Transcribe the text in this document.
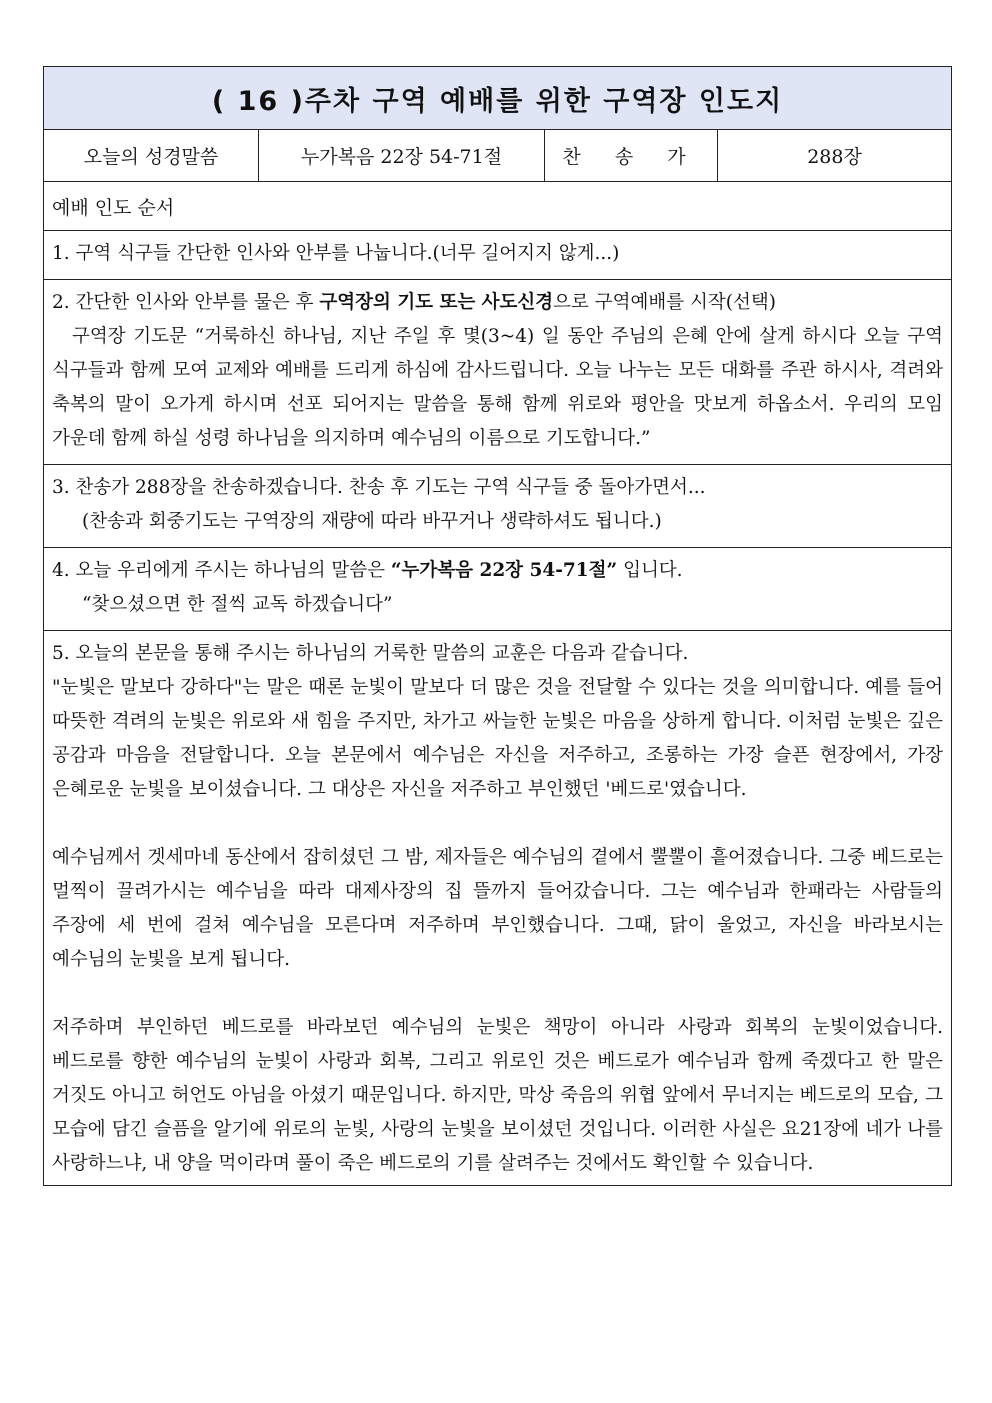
( 16 )주차 구역 예배를 위한 구역장 인도지
오늘의 성경말씀	누가복음 22장 54-71절	찬 송 가	288장
예배 인도 순서
1. 구역 식구들 간단한 인사와 안부를 나눕니다.(너무 길어지지 않게...)

2. 간단한 인사와 안부를 물은 후 구역장의 기도 또는 사도신경으로 구역예배를 시작(선택)
구역장 기도문 “거룩하신 하나님, 지난 주일 후 몇(3~4) 일 동안 주님의 은혜 안에 살게 하시다 오늘 구역 식구들과 함께 모여 교제와 예배를 드리게 하심에 감사드립니다. 오늘 나누는 모든 대화를 주관 하시사, 격려와 축복의 말이 오가게 하시며 선포 되어지는 말씀을 통해 함께 위로와 평안을 맛보게 하옵소서. 우리의 모임 가운데 함께 하실 성령 하나님을 의지하며 예수님의 이름으로 기도합니다.”

3. 찬송가 288장을 찬송하겠습니다. 찬송 후 기도는 구역 식구들 중 돌아가면서...
(찬송과 회중기도는 구역장의 재량에 따라 바꾸거나 생략하셔도 됩니다.)

4. 오늘 우리에게 주시는 하나님의 말씀은 “누가복음 22장 54-71절” 입니다.
“찾으셨으면 한 절씩 교독 하겠습니다”

5. 오늘의 본문을 통해 주시는 하나님의 거룩한 말씀의 교훈은 다음과 같습니다.
"눈빛은 말보다 강하다"는 말은 때론 눈빛이 말보다 더 많은 것을 전달할 수 있다는 것을 의미합니다. 예를 들어 따뜻한 격려의 눈빛은 위로와 새 힘을 주지만, 차가고 싸늘한 눈빛은 마음을 상하게 합니다. 이처럼 눈빛은 깊은 공감과 마음을 전달합니다. 오늘 본문에서 예수님은 자신을 저주하고, 조롱하는 가장 슬픈 현장에서, 가장 은혜로운 눈빛을 보이셨습니다. 그 대상은 자신을 저주하고 부인했던 '베드로'였습니다.
예수님께서 겟세마네 동산에서 잡히셨던 그 밤, 제자들은 예수님의 곁에서 뿔뿔이 흩어졌습니다. 그중 베드로는 멀찍이 끌려가시는 예수님을 따라 대제사장의 집 뜰까지 들어갔습니다. 그는 예수님과 한패라는 사람들의 주장에 세 번에 걸쳐 예수님을 모른다며 저주하며 부인했습니다. 그때, 닭이 울었고, 자신을 바라보시는 예수님의 눈빛을 보게 됩니다.
저주하며 부인하던 베드로를 바라보던 예수님의 눈빛은 책망이 아니라 사랑과 회복의 눈빛이었습니다. 베드로를 향한 예수님의 눈빛이 사랑과 회복, 그리고 위로인 것은 베드로가 예수님과 함께 죽겠다고 한 말은 거짓도 아니고 허언도 아님을 아셨기 때문입니다. 하지만, 막상 죽음의 위협 앞에서 무너지는 베드로의 모습, 그 모습에 담긴 슬픔을 알기에 위로의 눈빛, 사랑의 눈빛을 보이셨던 것입니다. 이러한 사실은 요21장에 네가 나를 사랑하느냐, 내 양을 먹이라며 풀이 죽은 베드로의 기를 살려주는 것에서도 확인할 수 있습니다.
